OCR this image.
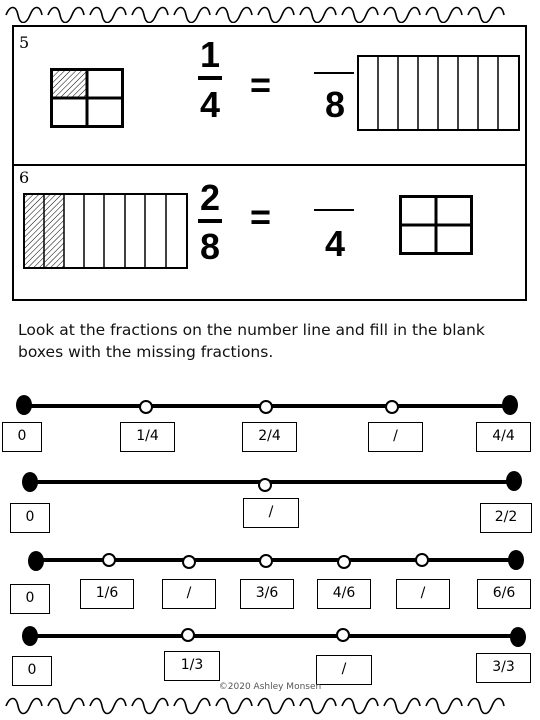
5	1
4 = 8
6	2
8
=
4
Look at the fractions on the number line and fill in the blank boxes with the missing fractions.
0	1/4	2/4	/	4/4
0	/	2/2
0	1/6	/	3/6	4/6	/	6/6
0	1/3	/	3/3
©2020 Ashley Monsen
